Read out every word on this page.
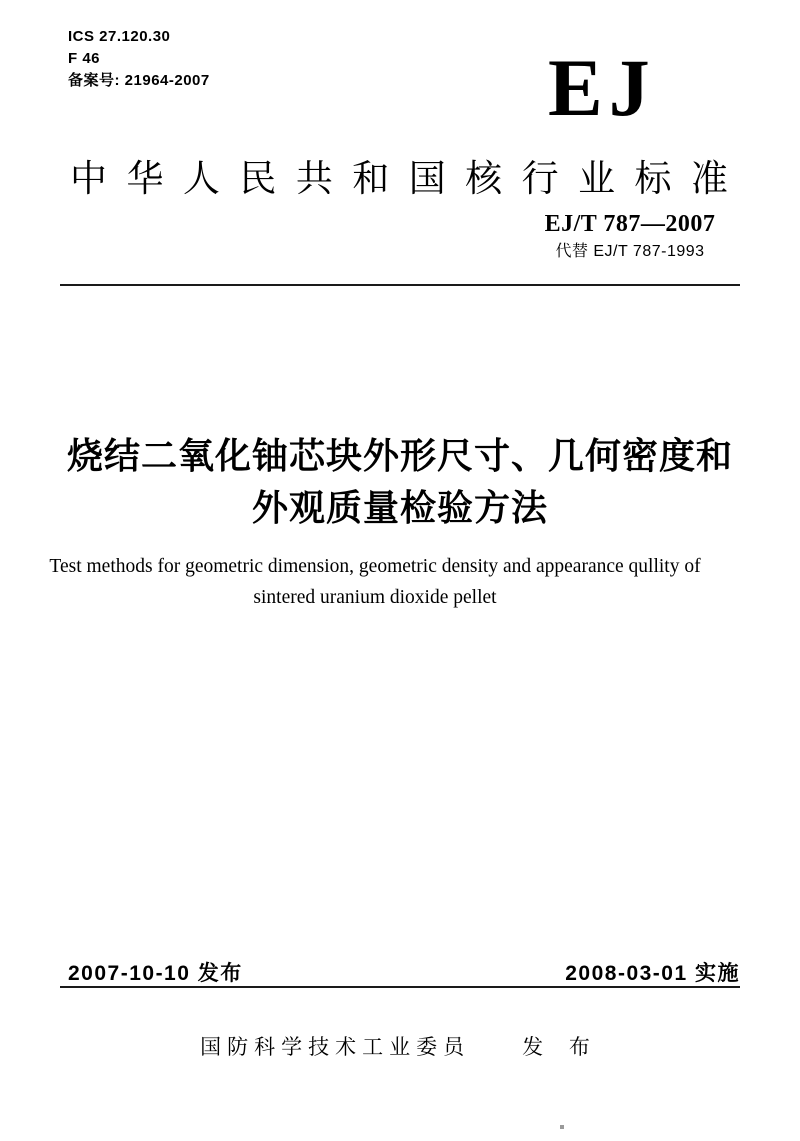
ICS 27.120.30
F 46
备案号: 21964-2007	EJ
中华人民共和国核行业标准
EJ/T 787—2007
代替 EJ/T 787-1993
烧结二氧化铀芯块外形尺寸、几何密度和
外观质量检验方法
Test methods for geometric dimension, geometric density and appearance qullity of
sintered uranium dioxide pellet
2007-10-10 发布	2008-03-01 实施
国防科学技术工业委员 发 布
